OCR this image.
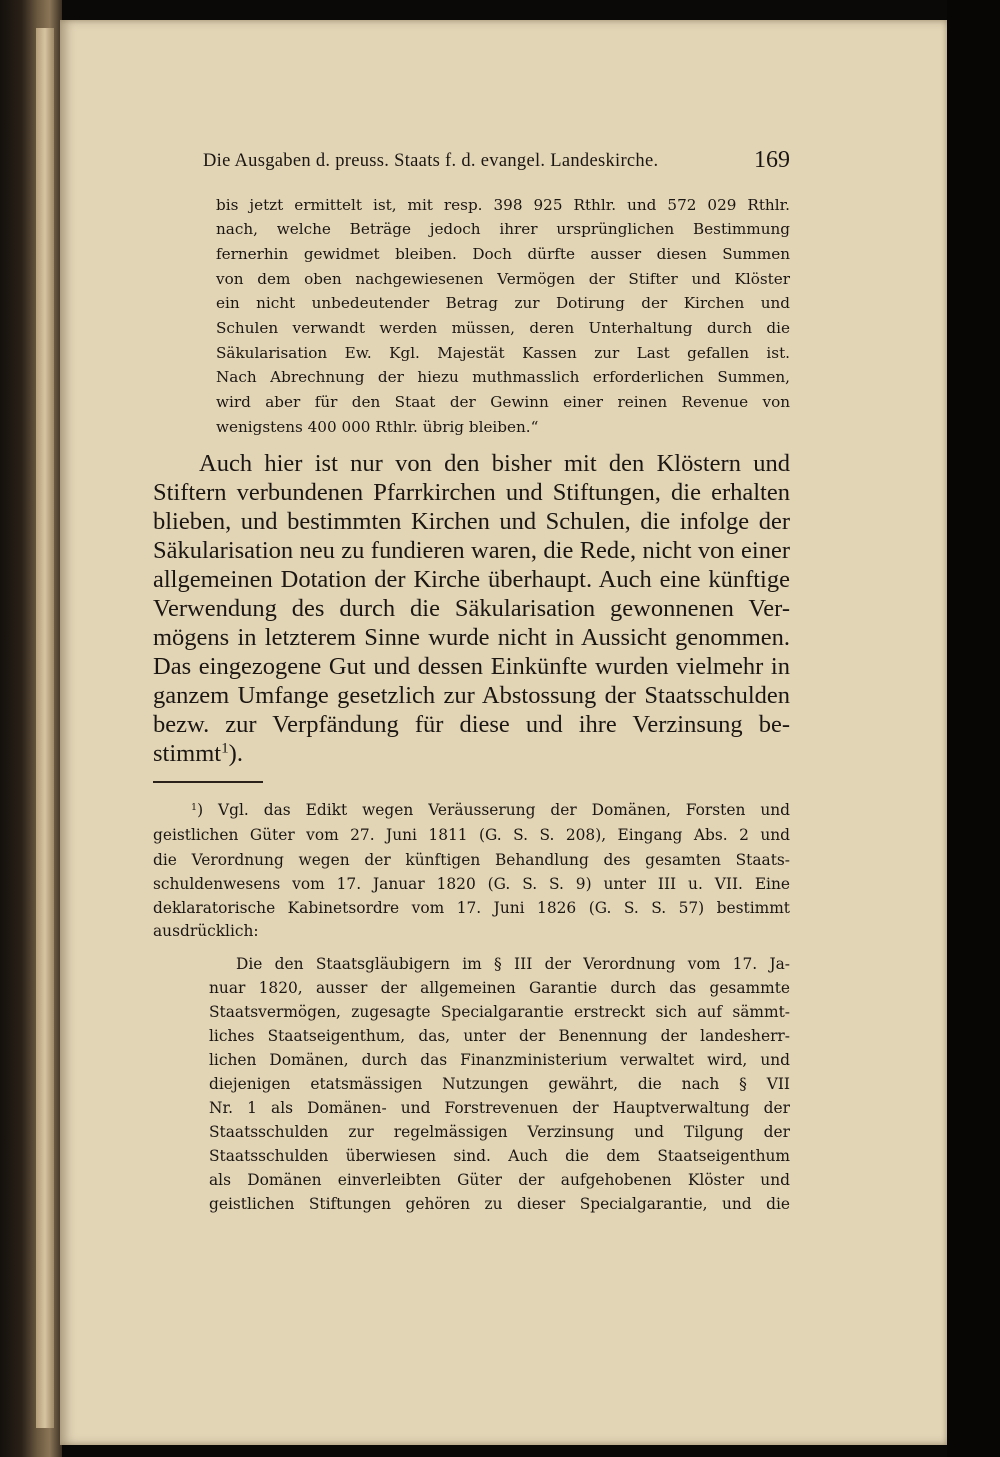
Die Ausgaben d. preuss. Staats f. d. evangel. Landeskirche.	169
bis jetzt ermittelt ist, mit resp. 398 925 Rthlr. und 572 029 Rthlr.
nach, welche Beträge jedoch ihrer ursprünglichen Bestimmung
fernerhin gewidmet bleiben. Doch dürfte ausser diesen Summen
von dem oben nachgewiesenen Vermögen der Stifter und Klöster
ein nicht unbedeutender Betrag zur Dotirung der Kirchen und
Schulen verwandt werden müssen, deren Unterhaltung durch die
Säkularisation Ew. Kgl. Majestät Kassen zur Last gefallen ist.
Nach Abrechnung der hiezu muthmasslich erforderlichen Summen,
wird aber für den Staat der Gewinn einer reinen Revenue von
wenigstens 400 000 Rthlr. übrig bleiben.“
Auch hier ist nur von den bisher mit den Klöstern und
Stiftern verbundenen Pfarrkirchen und Stiftungen, die erhalten
blieben, und bestimmten Kirchen und Schulen, die infolge der
Säkularisation neu zu fundieren waren, die Rede, nicht von einer
allgemeinen Dotation der Kirche überhaupt. Auch eine künftige
Verwendung des durch die Säkularisation gewonnenen Ver-
mögens in letzterem Sinne wurde nicht in Aussicht genommen.
Das eingezogene Gut und dessen Einkünfte wurden vielmehr in
ganzem Umfange gesetzlich zur Abstossung der Staatsschulden
bezw. zur Verpfändung für diese und ihre Verzinsung be-
stimmt$^1$).
$^1$) Vgl. das Edikt wegen Veräusserung der Domänen, Forsten und
geistlichen Güter vom 27. Juni 1811 (G. S. S. 208), Eingang Abs. 2 und
die Verordnung wegen der künftigen Behandlung des gesamten Staats-
schuldenwesens vom 17. Januar 1820 (G. S. S. 9) unter III u. VII. Eine
deklaratorische Kabinetsordre vom 17. Juni 1826 (G. S. S. 57) bestimmt
ausdrücklich:
Die den Staatsgläubigern im § III der Verordnung vom 17. Ja-
nuar 1820, ausser der allgemeinen Garantie durch das gesammte
Staatsvermögen, zugesagte Specialgarantie erstreckt sich auf sämmt-
liches Staatseigenthum, das, unter der Benennung der landesherr-
lichen Domänen, durch das Finanzministerium verwaltet wird, und
diejenigen etatsmässigen Nutzungen gewährt, die nach § VII
Nr. 1 als Domänen- und Forstrevenuen der Hauptverwaltung der
Staatsschulden zur regelmässigen Verzinsung und Tilgung der
Staatsschulden überwiesen sind. Auch die dem Staatseigenthum
als Domänen einverleibten Güter der aufgehobenen Klöster und
geistlichen Stiftungen gehören zu dieser Specialgarantie, und die
